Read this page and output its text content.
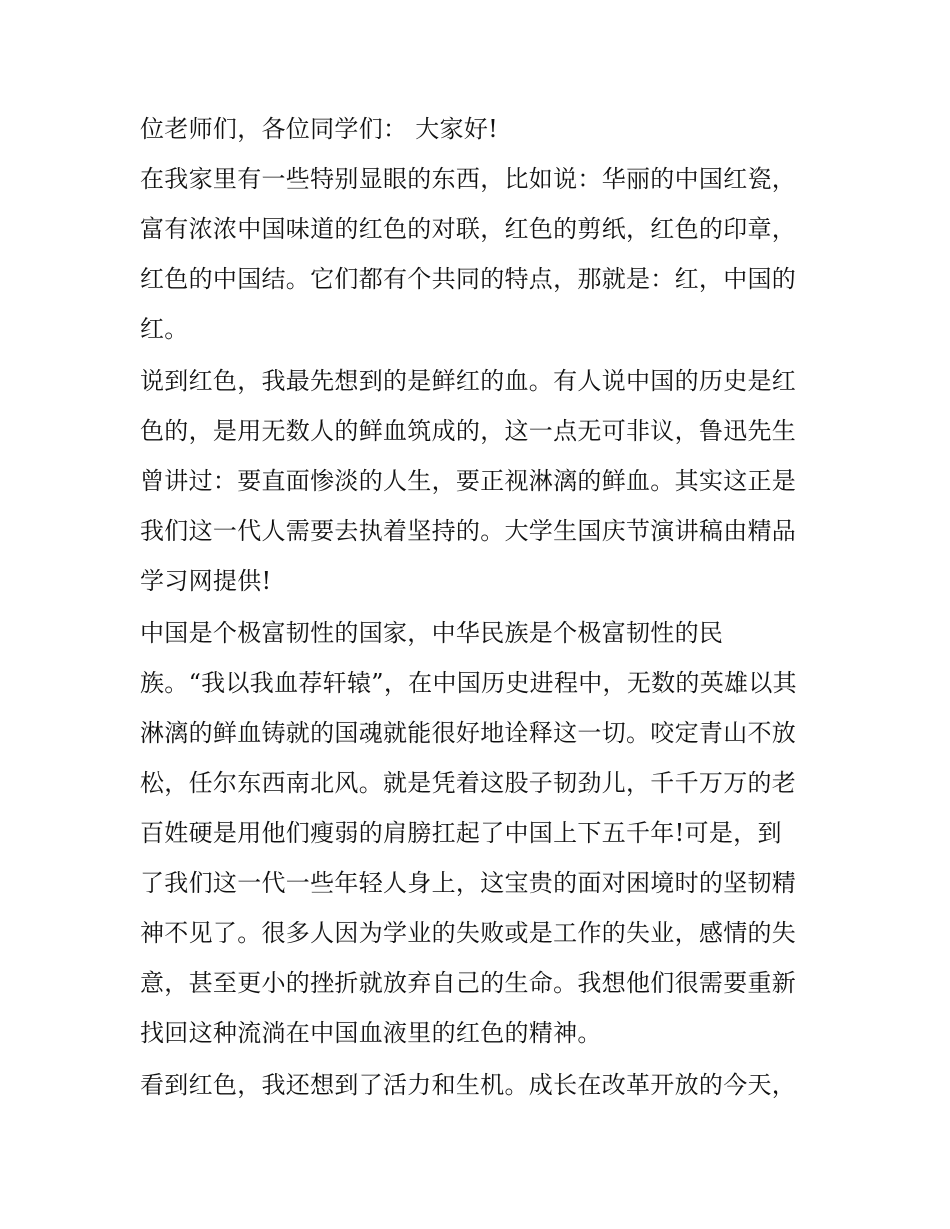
位老师们，各位同学们： 大家好!
在我家里有一些特别显眼的东西，比如说：华丽的中国红瓷，
富有浓浓中国味道的红色的对联，红色的剪纸，红色的印章，
红色的中国结。它们都有个共同的特点，那就是：红，中国的
红。
说到红色，我最先想到的是鲜红的血。有人说中国的历史是红
色的，是用无数人的鲜血筑成的，这一点无可非议，鲁迅先生
曾讲过：要直面惨淡的人生，要正视淋漓的鲜血。其实这正是
我们这一代人需要去执着坚持的。大学生国庆节演讲稿由精品
学习网提供!
中国是个极富韧性的国家，中华民族是个极富韧性的民
族。“我以我血荐轩辕”，在中国历史进程中，无数的英雄以其
淋漓的鲜血铸就的国魂就能很好地诠释这一切。咬定青山不放
松，任尔东西南北风。就是凭着这股子韧劲儿，千千万万的老
百姓硬是用他们瘦弱的肩膀扛起了中国上下五千年!可是，到
了我们这一代一些年轻人身上，这宝贵的面对困境时的坚韧精
神不见了。很多人因为学业的失败或是工作的失业，感情的失
意，甚至更小的挫折就放弃自己的生命。我想他们很需要重新
找回这种流淌在中国血液里的红色的精神。
看到红色，我还想到了活力和生机。成长在改革开放的今天，
